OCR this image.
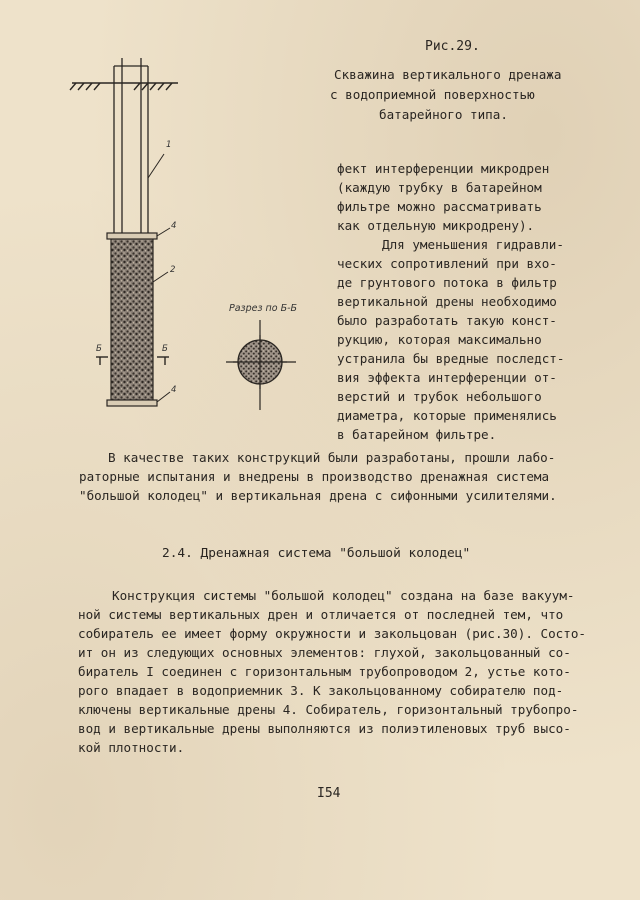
1
4
2
4
Б	Б
Разрез по Б-Б
Рис.29.
Скважина вертикального дренажа
с водоприемной поверхностью
батарейного типа.
фект интерференции микродрен
(каждую трубку в батарейном
фильтре можно рассматривать
как отдельную микродрену).
Для уменьшения гидравли-
ческих сопротивлений при вхо-
де грунтового потока в фильтр
вертикальной дрены необходимо
было разработать такую конст-
рукцию, которая максимально
устранила бы вредные последст-
вия эффекта интерференции от-
верстий и трубок небольшого
диаметра, которые применялись
в батарейном фильтре.
В качестве таких конструкций были разработаны, прошли лабо-
раторные испытания и внедрены в производство дренажная система
"большой колодец" и вертикальная дрена с сифонными усилителями.
2.4. Дренажная система "большой колодец"
Конструкция системы "большой колодец" создана на базе вакуум-
ной системы вертикальных дрен и отличается от последней тем, что
собиратель ее имеет форму окружности и закольцован (рис.30). Состо-
ит он из следующих основных элементов: глухой, закольцованный со-
биратель I соединен с горизонтальным трубопроводом 2, устье кото-
рого впадает в водоприемник 3. К закольцованному собирателю под-
ключены вертикальные дрены 4. Собиратель, горизонтальный трубопро-
вод и вертикальные дрены выполняются из полиэтиленовых труб высо-
кой плотности.
I54
